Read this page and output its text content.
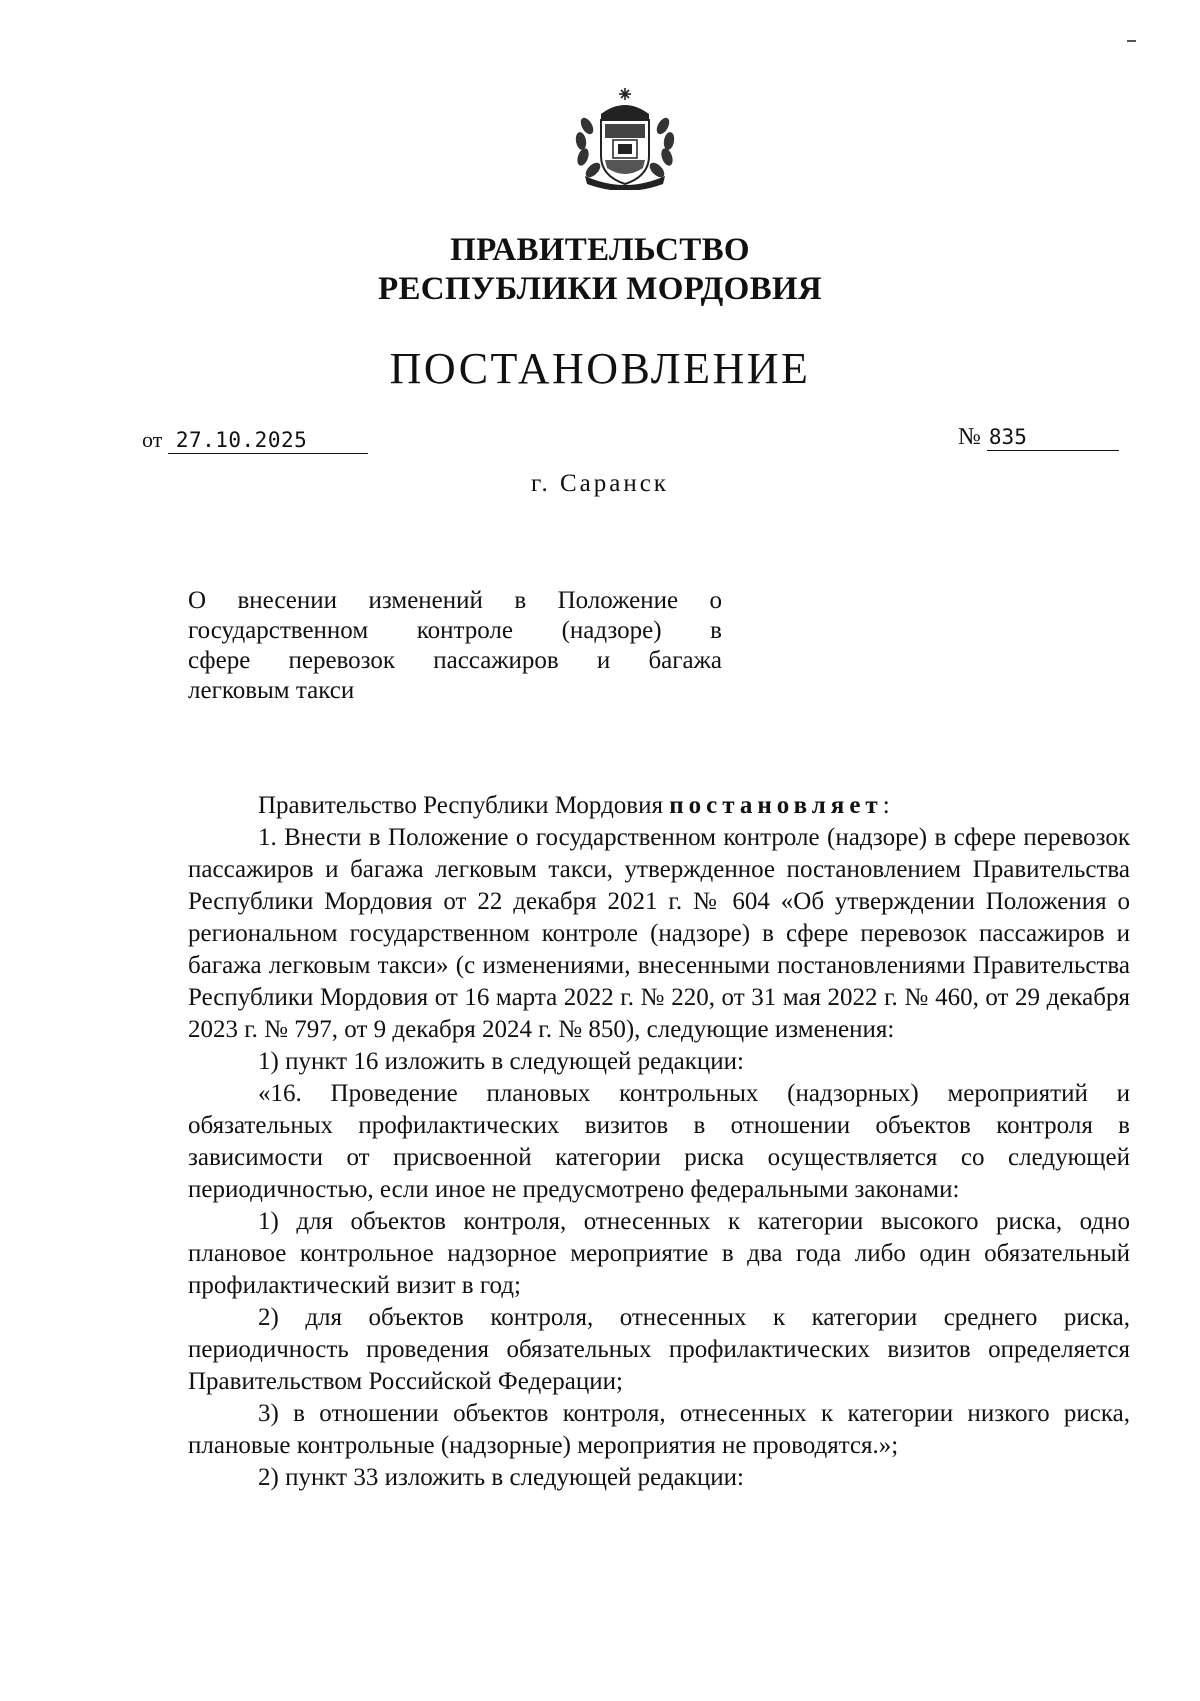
ПРАВИТЕЛЬСТВО
РЕСПУБЛИКИ МОРДОВИЯ
ПОСТАНОВЛЕНИЕ
от 27.10.2025	№ 835
г. Саранск
О внесении изменений в Положение о
государственном контроле (надзоре) в
сфере перевозок пассажиров и багажа
легковым такси

Правительство Республики Мордовия постановляет:

1. Внести в Положение о государственном контроле (надзоре) в сфере перевозок пассажиров и багажа легковым такси, утвержденное постановлением Правительства Республики Мордовия от 22 декабря 2021 г. № 604 «Об утверждении Положения о региональном государственном контроле (надзоре) в сфере перевозок пассажиров и багажа легковым такси» (с изменениями, внесенными постановлениями Правительства Республики Мордовия от 16 марта 2022 г. № 220, от 31 мая 2022 г. № 460, от 29 декабря 2023 г. № 797, от 9 декабря 2024 г. № 850), следующие изменения:

1) пункт 16 изложить в следующей редакции:

«16. Проведение плановых контрольных (надзорных) мероприятий и обязательных профилактических визитов в отношении объектов контроля в зависимости от присвоенной категории риска осуществляется со следующей периодичностью, если иное не предусмотрено федеральными законами:

1) для объектов контроля, отнесенных к категории высокого риска, одно плановое контрольное надзорное мероприятие в два года либо один обязательный профилактический визит в год;

2) для объектов контроля, отнесенных к категории среднего риска, периодичность проведения обязательных профилактических визитов определяется Правительством Российской Федерации;

3) в отношении объектов контроля, отнесенных к категории низкого риска, плановые контрольные (надзорные) мероприятия не проводятся.»;

2) пункт 33 изложить в следующей редакции:
